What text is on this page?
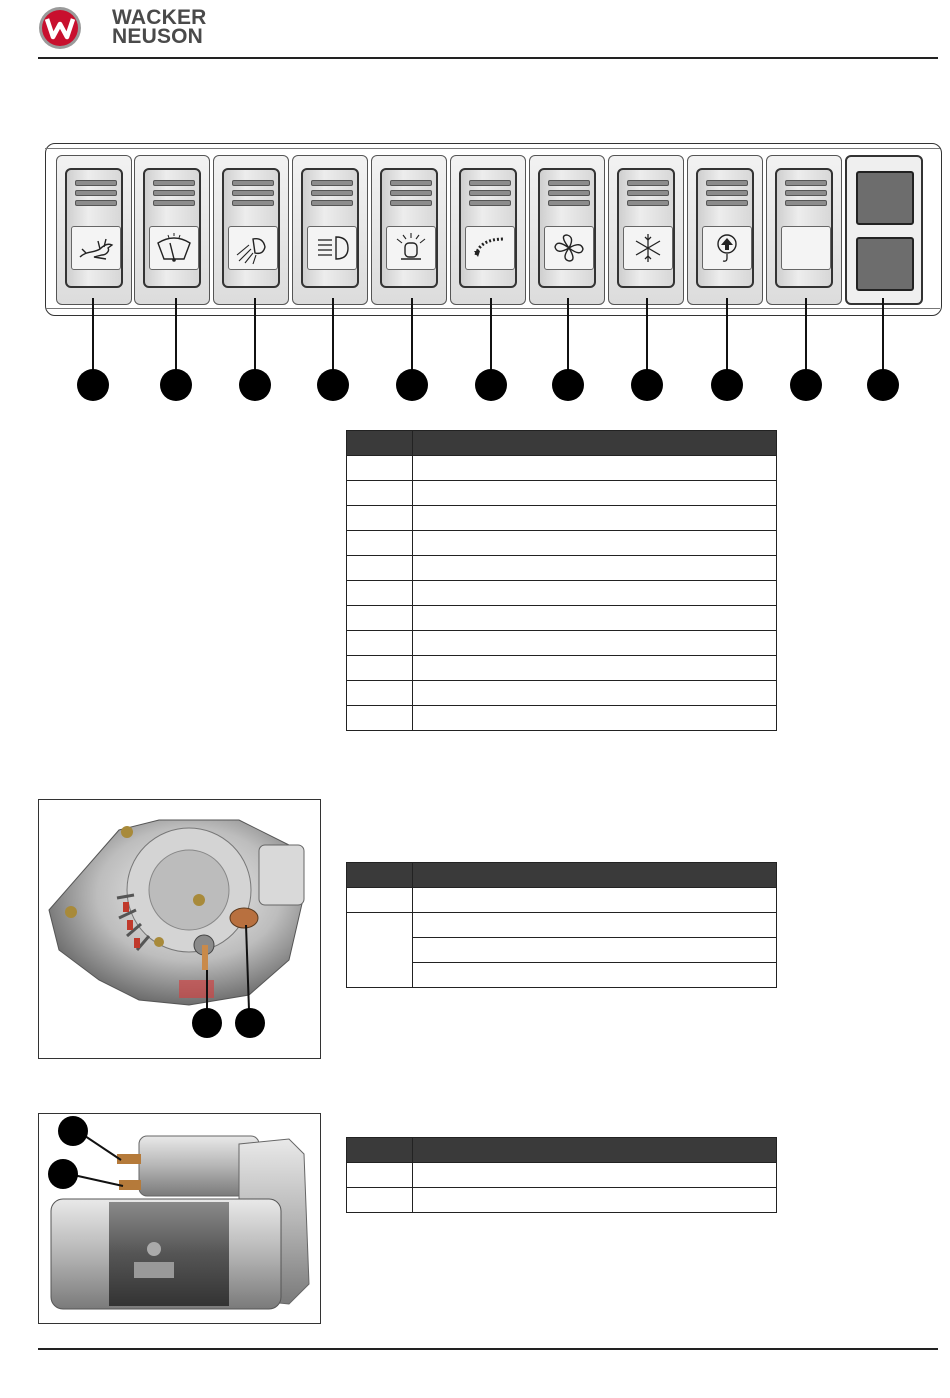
WACKER
NEUSON
